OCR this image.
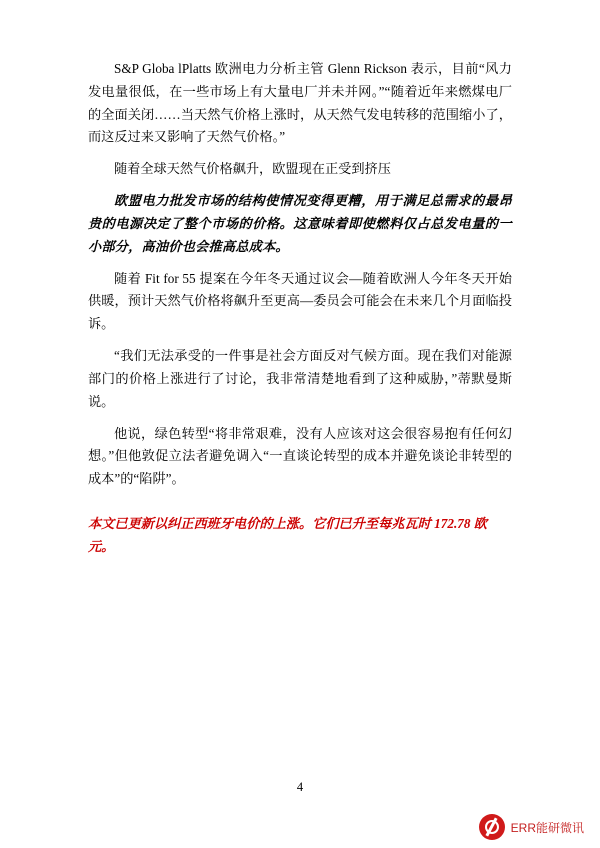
S&P Globa lPlatts 欧洲电力分析主管 Glenn Rickson 表示，目前“风力发电量很低，在一些市场上有大量电厂并未并网。”“随着近年来燃煤电厂的全面关闭……当天然气价格上涨时，从天然气发电转移的范围缩小了，而这反过来又影响了天然气价格。”

随着全球天然气价格飙升，欧盟现在正受到挤压

欧盟电力批发市场的结构使情况变得更糟，用于满足总需求的最昂贵的电源决定了整个市场的价格。这意味着即使燃料仅占总发电量的一小部分，高油价也会推高总成本。

随着 Fit for 55 提案在今年冬天通过议会—随着欧洲人今年冬天开始供暖，预计天然气价格将飙升至更高—委员会可能会在未来几个月面临投诉。

“我们无法承受的一件事是社会方面反对气候方面。现在我们对能源部门的价格上涨进行了讨论，我非常清楚地看到了这种威胁，”蒂默曼斯说。

他说，绿色转型“将非常艰难，没有人应该对这会很容易抱有任何幻想。”但他敦促立法者避免调入“一直谈论转型的成本并避免谈论非转型的成本”的“陷阱”。

本文已更新以纠正西班牙电价的上涨。它们已升至每兆瓦时 172.78 欧元。

4
ERR能研微讯
